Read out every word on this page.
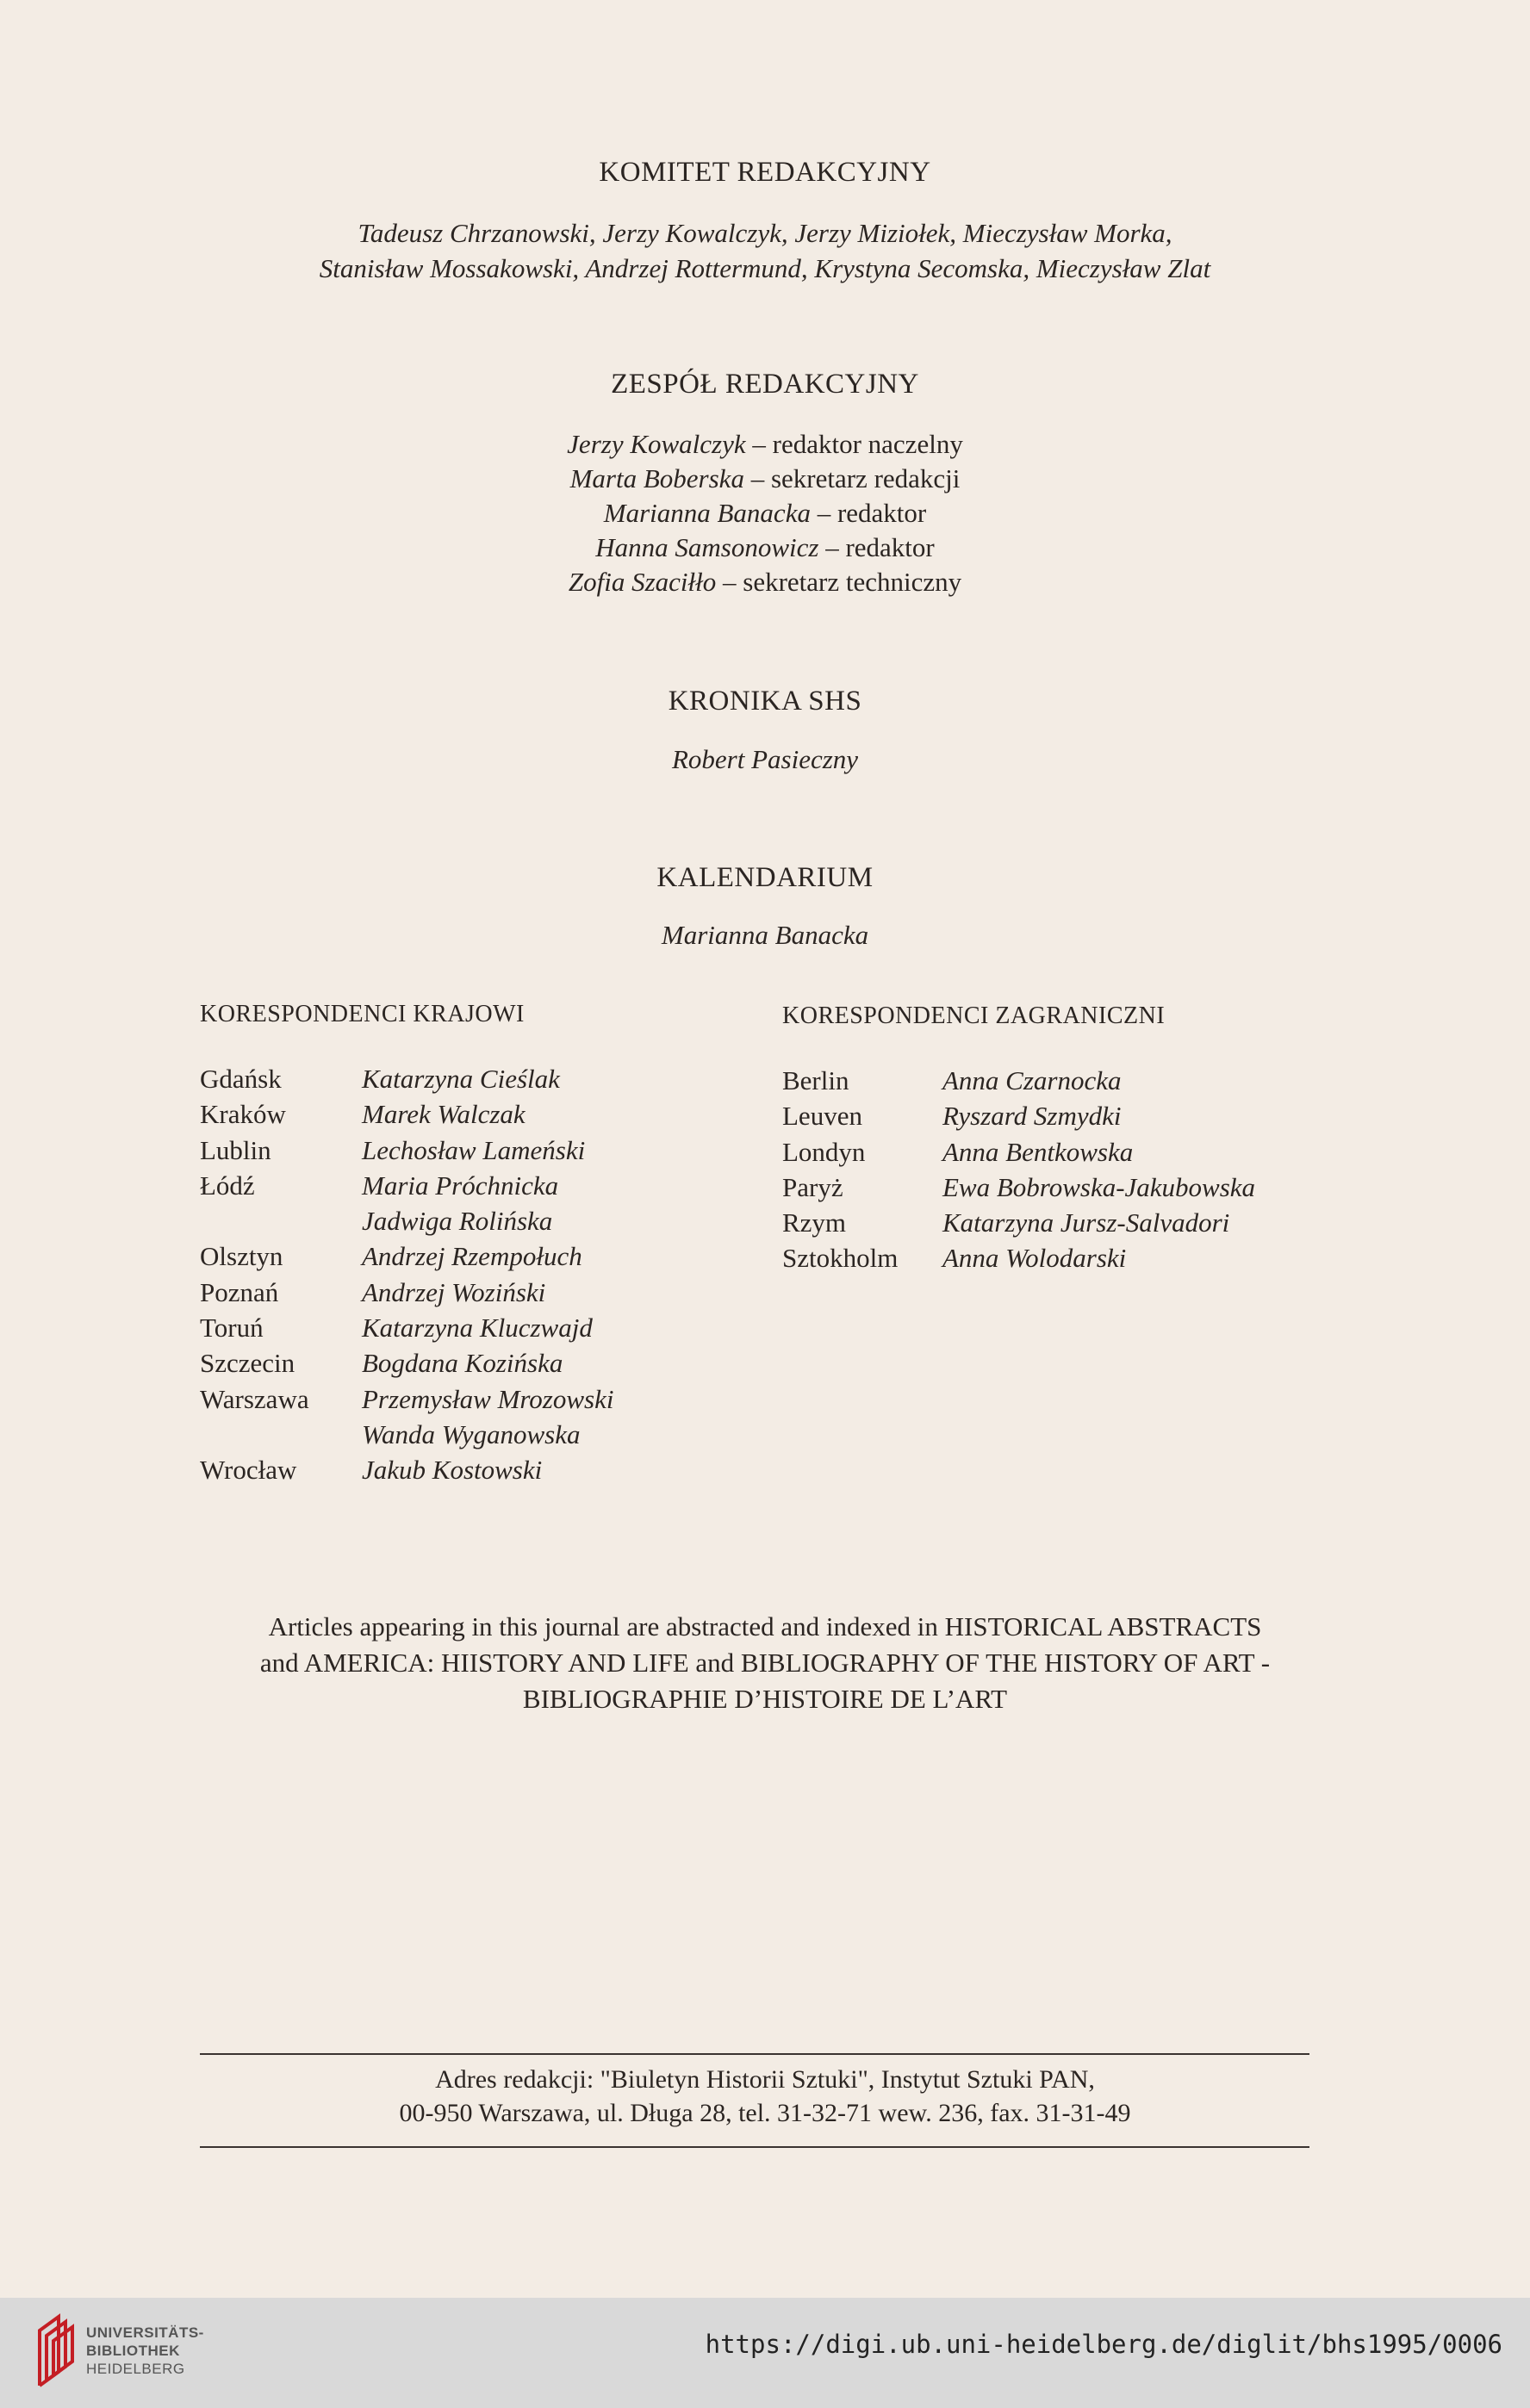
KOMITET REDAKCYJNY
Tadeusz Chrzanowski, Jerzy Kowalczyk, Jerzy Miziołek, Mieczysław Morka,
Stanisław Mossakowski, Andrzej Rottermund, Krystyna Secomska, Mieczysław Zlat
ZESPÓŁ REDAKCYJNY
Jerzy Kowalczyk – redaktor naczelny
Marta Boberska – sekretarz redakcji
Marianna Banacka – redaktor
Hanna Samsonowicz – redaktor
Zofia Szaciłło – sekretarz techniczny
KRONIKA SHS
Robert Pasieczny
KALENDARIUM
Marianna Banacka
KORESPONDENCI KRAJOWI	KORESPONDENCI ZAGRANICZNI
Gdańsk	Katarzyna Cieślak
Kraków	Marek Walczak
Lublin	Lechosław Lameński
Łódź	Maria Próchnicka
Jadwiga Rolińska
Olsztyn	Andrzej Rzempołuch
Poznań	Andrzej Woziński
Toruń	Katarzyna Kluczwajd
Szczecin	Bogdana Kozińska
Warszawa	Przemysław Mrozowski
Wanda Wyganowska
Wrocław	Jakub Kostowski
Berlin	Anna Czarnocka
Leuven	Ryszard Szmydki
Londyn	Anna Bentkowska
Paryż	Ewa Bobrowska-Jakubowska
Rzym	Katarzyna Jursz-Salvadori
Sztokholm	Anna Wolodarski
Articles appearing in this journal are abstracted and indexed in HISTORICAL ABSTRACTS
and AMERICA: HIISTORY AND LIFE and BIBLIOGRAPHY OF THE HISTORY OF ART -
BIBLIOGRAPHIE D’HISTOIRE DE L’ART
Adres redakcji: "Biuletyn Historii Sztuki", Instytut Sztuki PAN,
00-950 Warszawa, ul. Długa 28, tel. 31-32-71 wew. 236, fax. 31-31-49
UNIVERSITÄTS-
BIBLIOTHEK
HEIDELBERG
https://digi.ub.uni-heidelberg.de/diglit/bhs1995/0006
